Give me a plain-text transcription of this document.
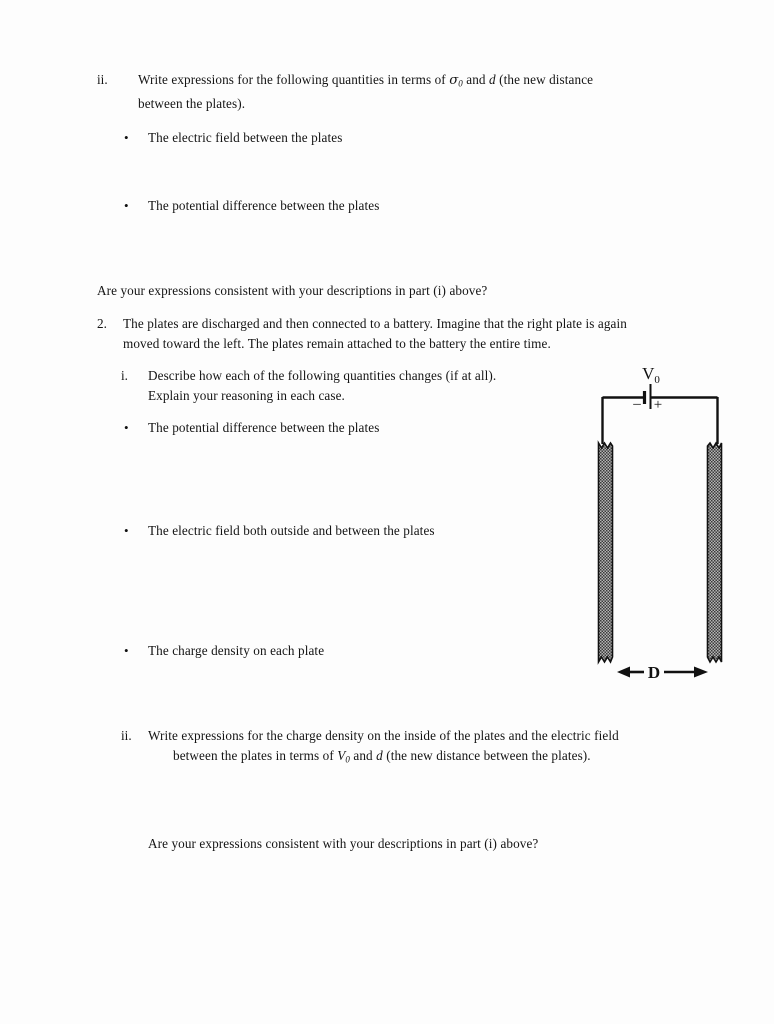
ii. Write expressions for the following quantities in terms of $\sigma_0$ and d (the new distance
between the plates).
• The electric field between the plates
• The potential difference between the plates
Are your expressions consistent with your descriptions in part (i) above?
2. The plates are discharged and then connected to a battery. Imagine that the right plate is again
moved toward the left. The plates remain attached to the battery the entire time.
i. Describe how each of the following quantities changes (if at all).
Explain your reasoning in each case.
• The potential difference between the plates
• The electric field both outside and between the plates
• The charge density on each plate
ii. Write expressions for the charge density on the inside of the plates and the electric field
between the plates in terms of $V_0$ and d (the new distance between the plates).
Are your expressions consistent with your descriptions in part (i) above?
$V_0$
– +
D
